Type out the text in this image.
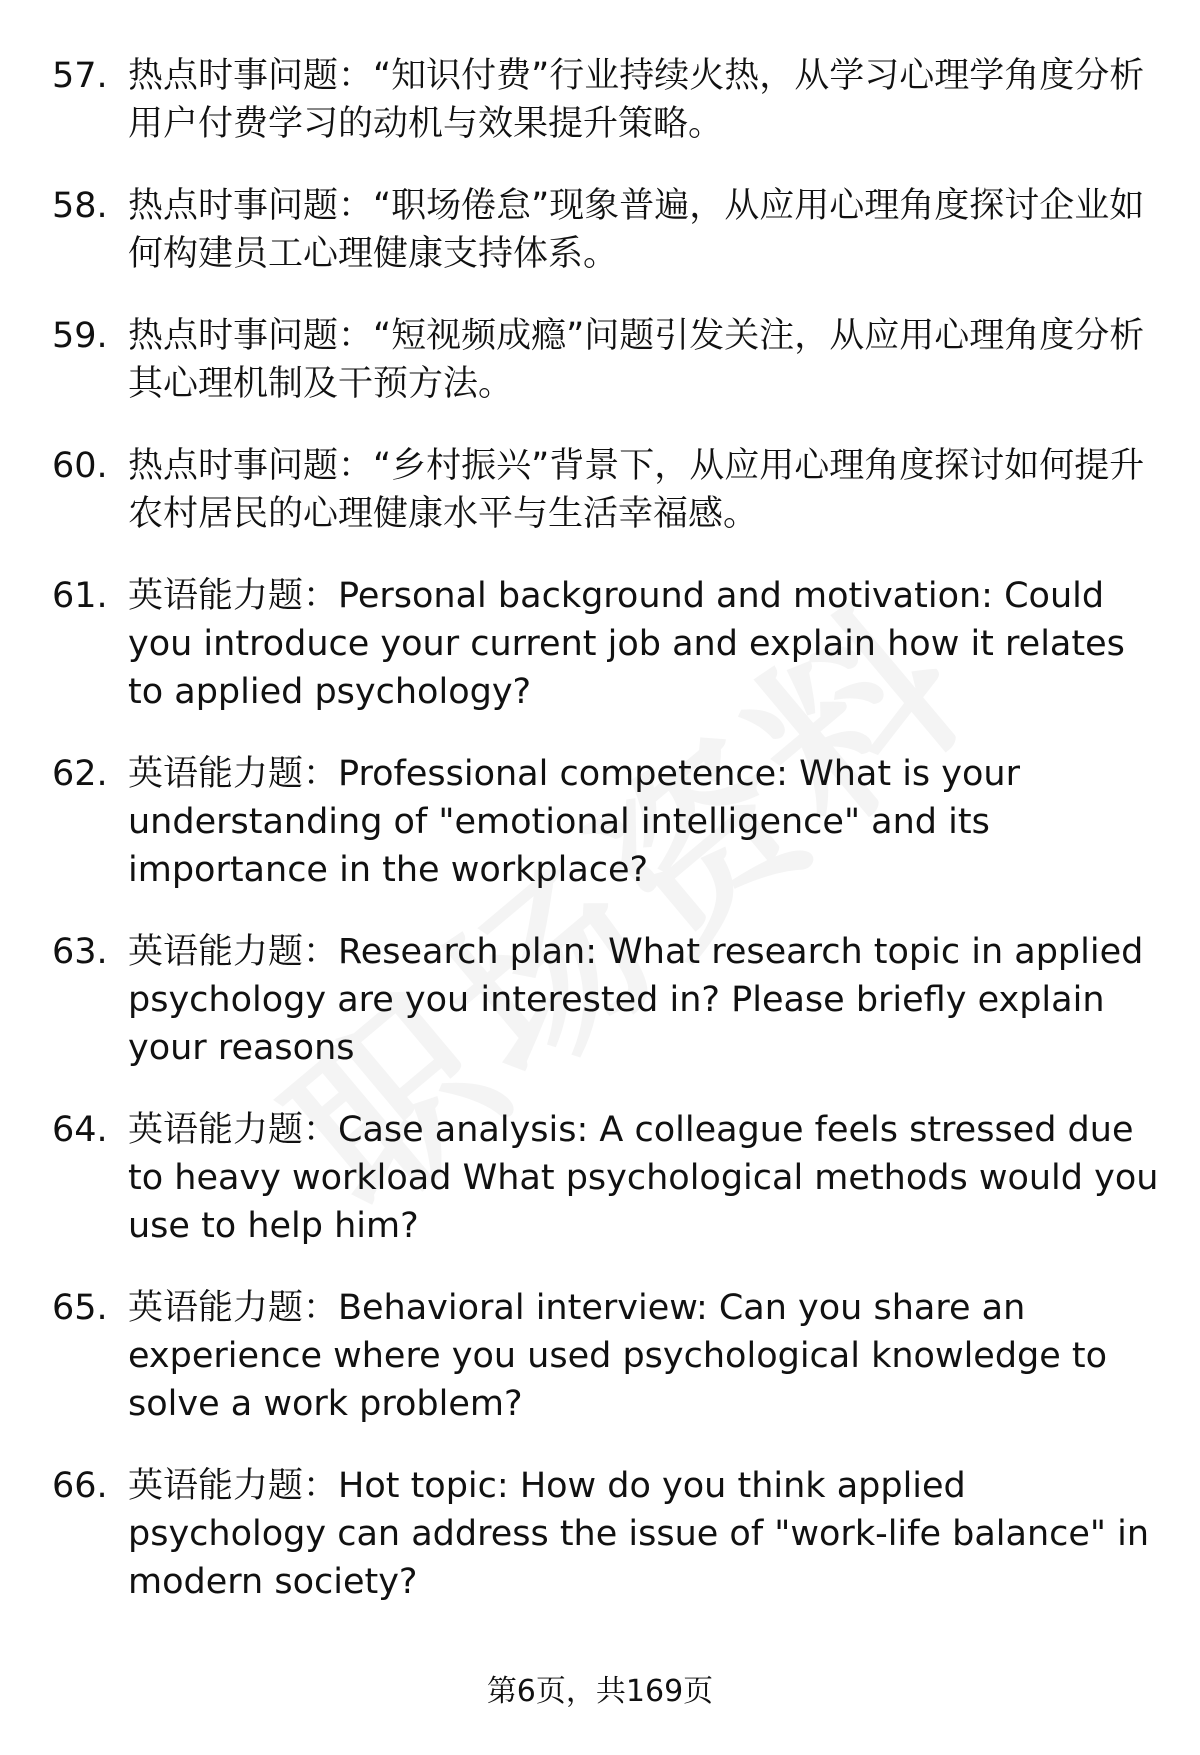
57. 热点时事问题：“知识付费”行业持续火热，从学习心理学角度分析用户付费学习的动机与效果提升策略。
58. 热点时事问题：“职场倦怠”现象普遍，从应用心理角度探讨企业如何构建员工心理健康支持体系。
59. 热点时事问题：“短视频成瘾”问题引发关注，从应用心理角度分析其心理机制及干预方法。
60. 热点时事问题：“乡村振兴”背景下，从应用心理角度探讨如何提升农村居民的心理健康水平与生活幸福感。
61. 英语能力题：Personal background and motivation: Could you introduce your current job and explain how it relates to applied psychology?
62. 英语能力题：Professional competence: What is your understanding of "emotional intelligence" and its importance in the workplace?
63. 英语能力题：Research plan: What research topic in applied psychology are you interested in? Please briefly explain your reasons
64. 英语能力题：Case analysis: A colleague feels stressed due to heavy workload What psychological methods would you use to help him?
65. 英语能力题：Behavioral interview: Can you share an experience where you used psychological knowledge to solve a work problem?
66. 英语能力题：Hot topic: How do you think applied psychology can address the issue of "work-life balance" in modern society?
第6页，共169页
